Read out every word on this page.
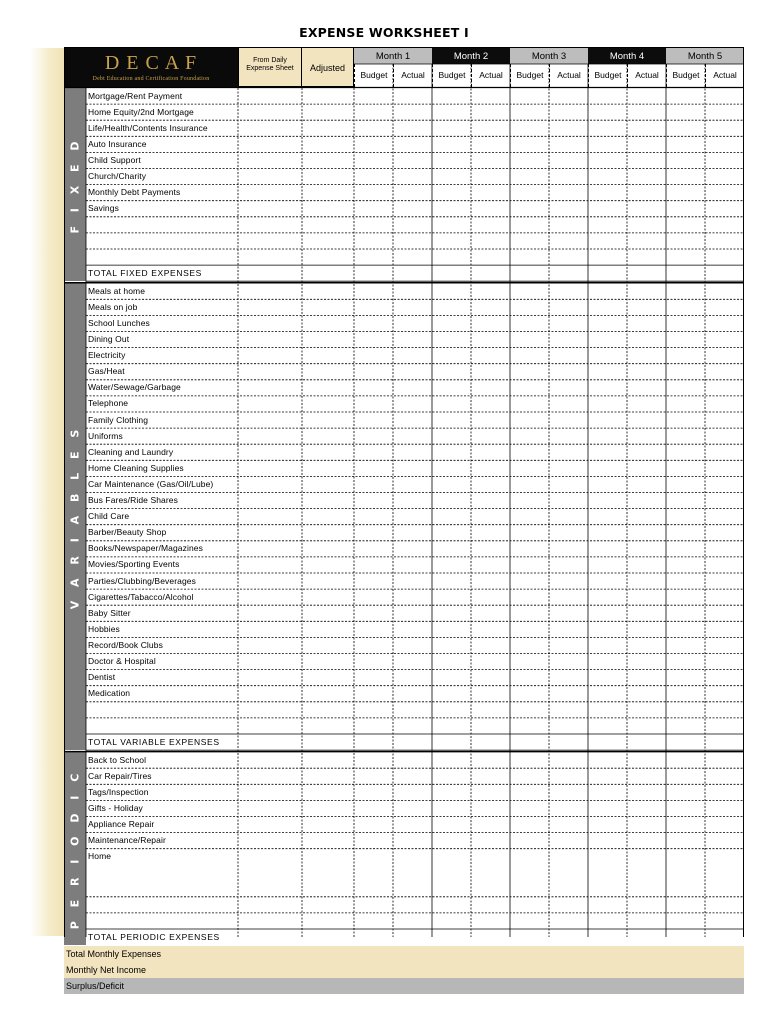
EXPENSE WORKSHEET I
D E C A F
Debt Education and Certification Foundation
From Daily Expense Sheet	Adjusted
Month 1
Budget	Actual
Month 2
Budget	Actual
Month 3
Budget	Actual
Month 4
Budget	Actual
Month 5
Budget	Actual
F I X E D
Mortgage/Rent Payment
Home Equity/2nd Mortgage
Life/Health/Contents Insurance
Auto Insurance
Child Support
Church/Charity
Monthly Debt Payments
Savings
TOTAL FIXED EXPENSES
V A R I A B L E S
Meals at home
Meals on job
School Lunches
Dining Out
Electricity
Gas/Heat
Water/Sewage/Garbage
Telephone
Family Clothing
Uniforms
Cleaning and Laundry
Home Cleaning Supplies
Car Maintenance (Gas/Oil/Lube)
Bus Fares/Ride Shares
Child Care
Barber/Beauty Shop
Books/Newspaper/Magazines
Movies/Sporting Events
Parties/Clubbing/Beverages
Cigarettes/Tabacco/Alcohol
Baby Sitter
Hobbies
Record/Book Clubs
Doctor & Hospital
Dentist
Medication
TOTAL VARIABLE EXPENSES
P E R I O D I C
Back to School
Car Repair/Tires
Tags/Inspection
Gifts - Holiday
Appliance Repair
Maintenance/Repair
Home
TOTAL PERIODIC EXPENSES
Total Monthly Expenses
Monthly Net Income
Surplus/Deficit
